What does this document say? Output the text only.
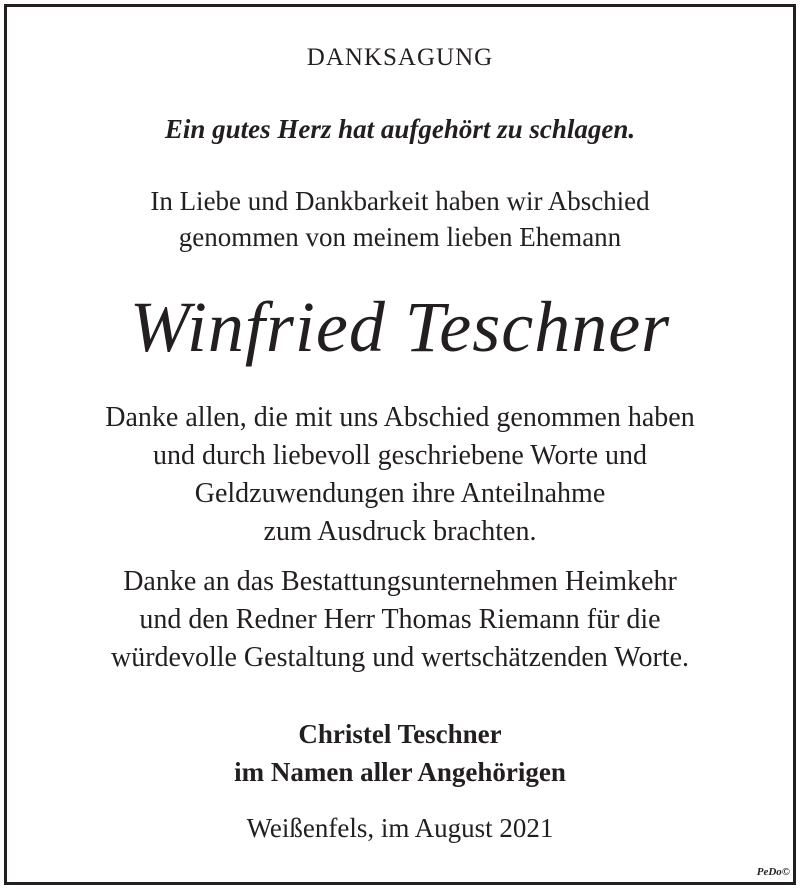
DANKSAGUNG

Ein gutes Herz hat aufgehört zu schlagen.

In Liebe und Dankbarkeit haben wir Abschied

genommen von meinem lieben Ehemann

Winfried Teschner

Danke allen, die mit uns Abschied genommen haben

und durch liebevoll geschriebene Worte und

Geldzuwendungen ihre Anteilnahme

zum Ausdruck brachten.

Danke an das Bestattungsunternehmen Heimkehr

und den Redner Herr Thomas Riemann für die

würdevolle Gestaltung und wertschätzenden Worte.

Christel Teschner

im Namen aller Angehörigen

Weißenfels, im August 2021

PeDo©
